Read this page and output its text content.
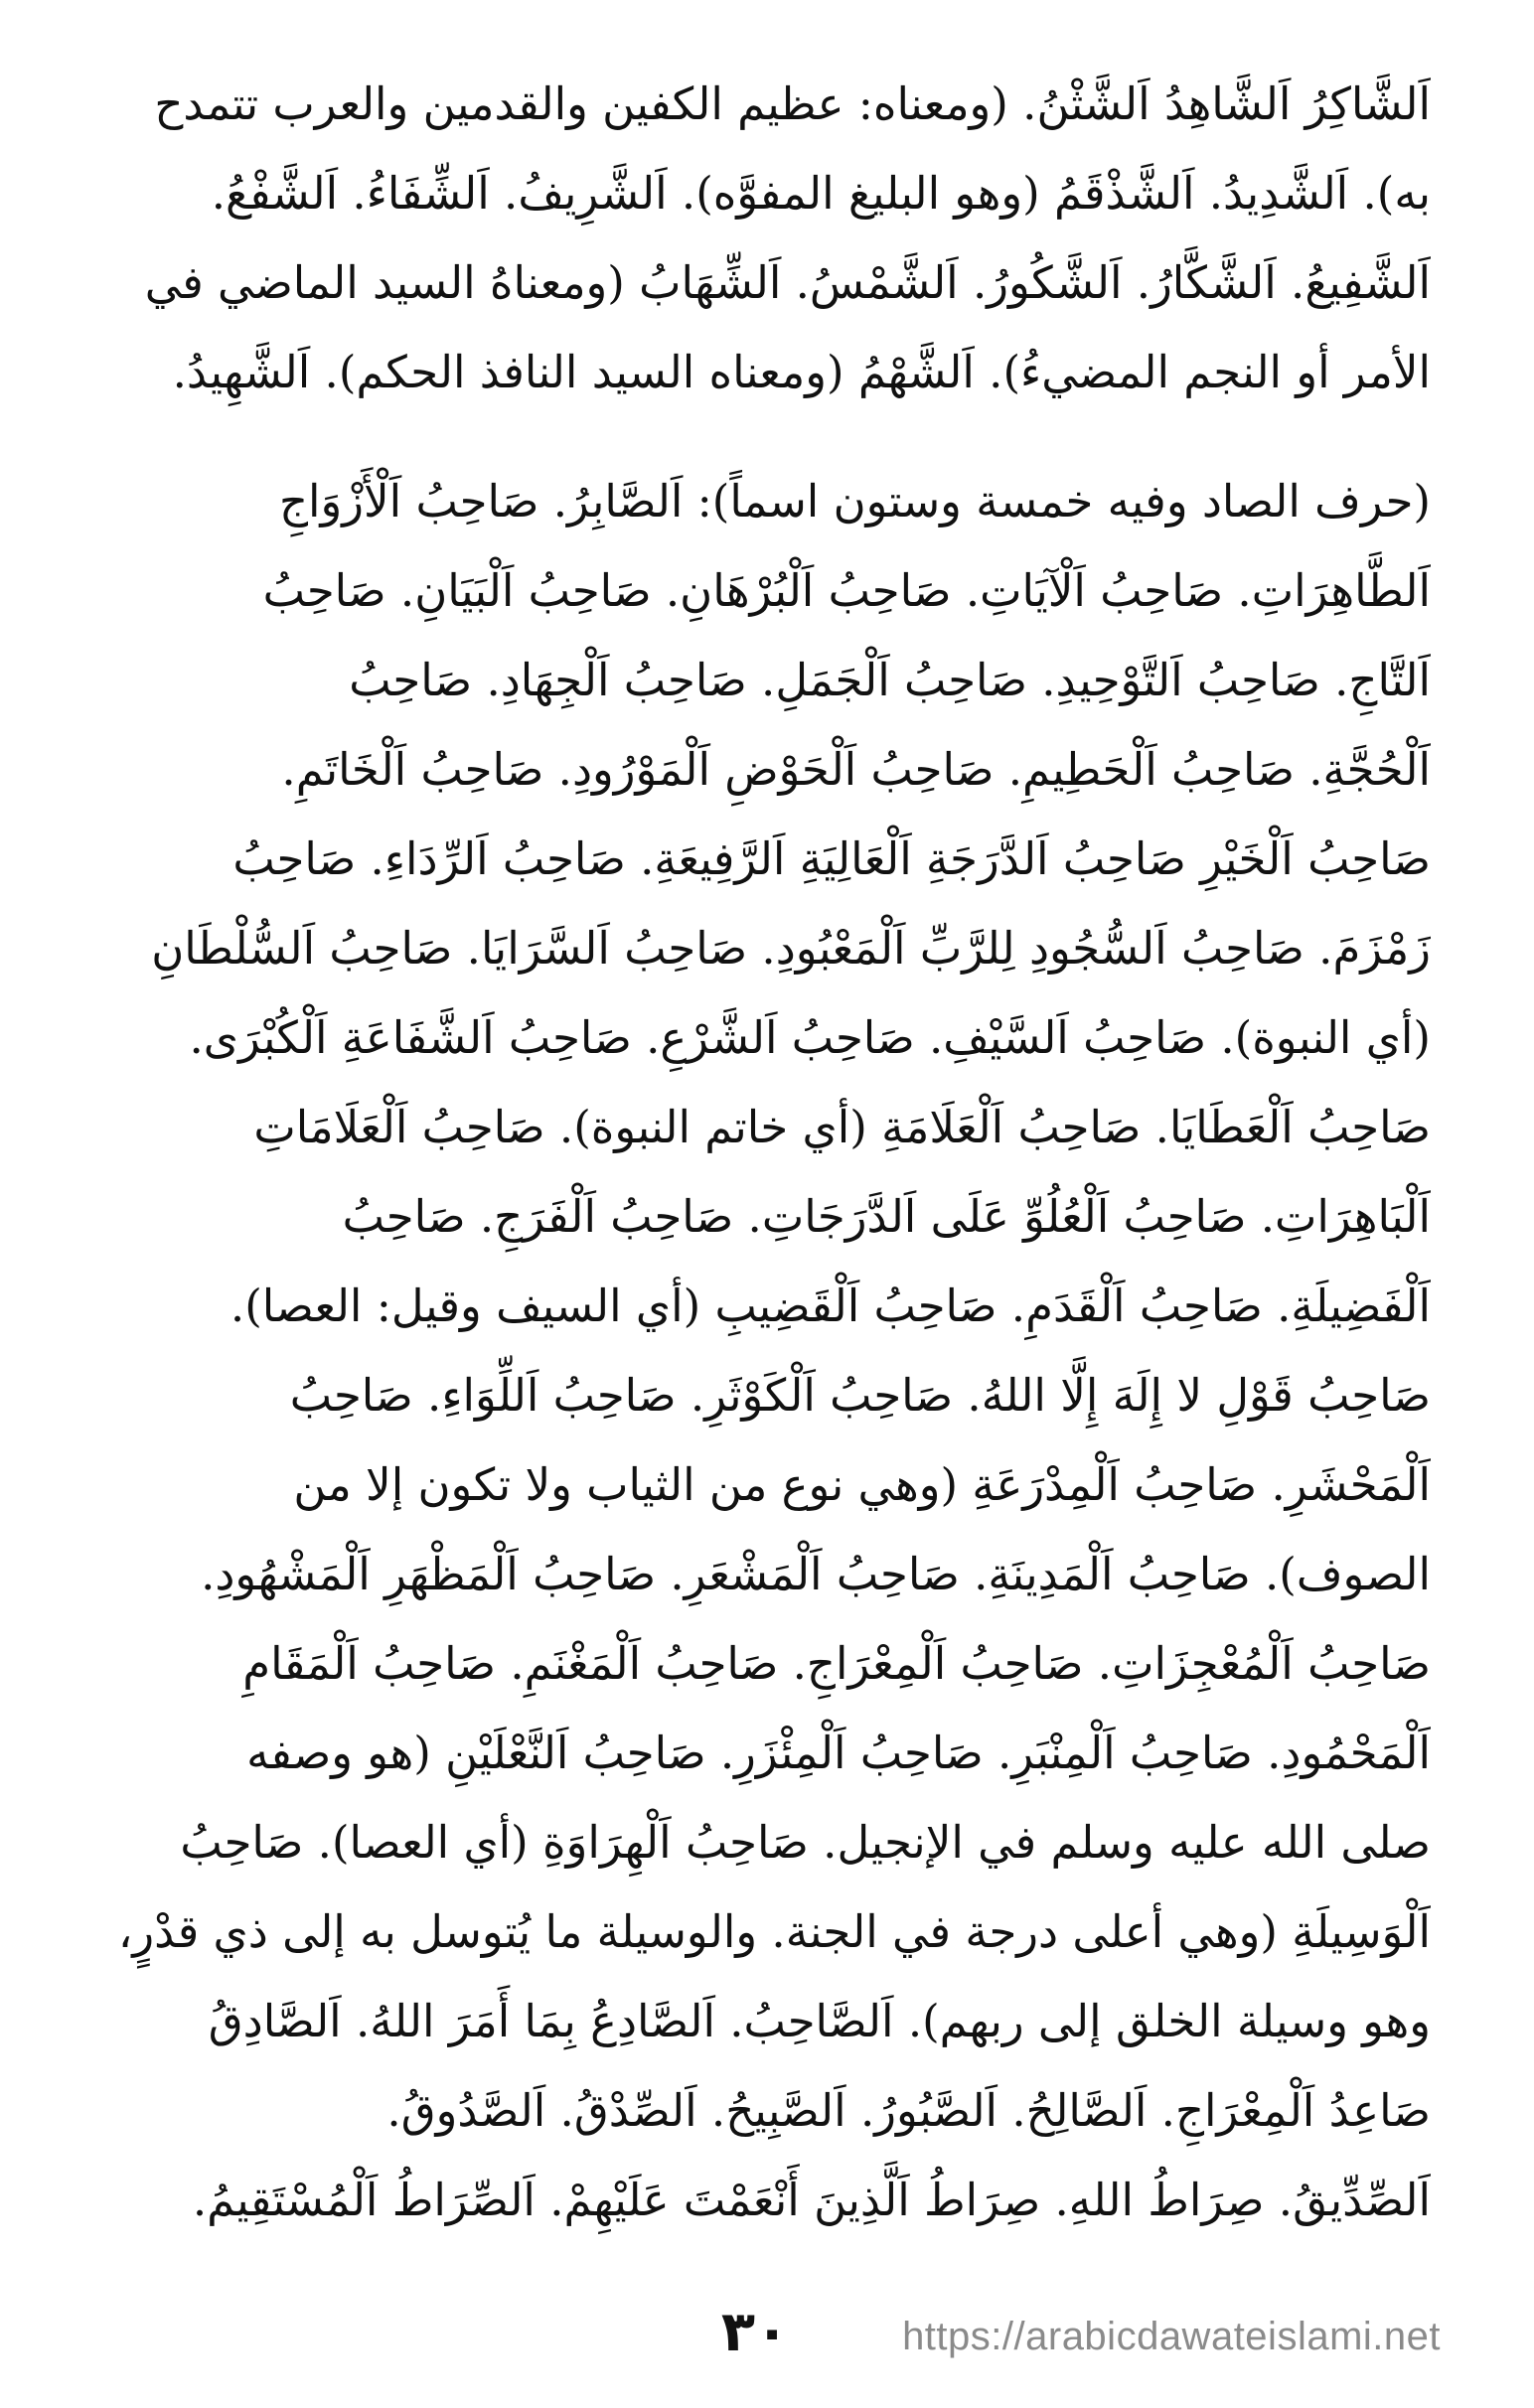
اَلشَّاكِرُ اَلشَّاهِدُ اَلشَّثْنُ. (ومعناه: عظيم الكفين والقدمين والعرب تتمدح
به). اَلشَّدِيدُ. اَلشَّذْقَمُ (وهو البليغ المفوَّه). اَلشَّرِيفُ. اَلشِّفَاءُ. اَلشَّفْعُ.
اَلشَّفِيعُ. اَلشَّكَّارُ. اَلشَّكُورُ. اَلشَّمْسُ. اَلشِّهَابُ (ومعناهُ السيد الماضي في
الأمر أو النجم المضيءُ). اَلشَّهْمُ (ومعناه السيد النافذ الحكم). اَلشَّهِيدُ.
(حرف الصاد وفيه خمسة وستون اسماً): اَلصَّابِرُ. صَاحِبُ اَلْأَزْوَاجِ
اَلطَّاهِرَاتِ. صَاحِبُ اَلْآيَاتِ. صَاحِبُ اَلْبُرْهَانِ. صَاحِبُ اَلْبَيَانِ. صَاحِبُ
اَلتَّاجِ. صَاحِبُ اَلتَّوْحِيدِ. صَاحِبُ اَلْجَمَلِ. صَاحِبُ اَلْجِهَادِ. صَاحِبُ
اَلْحُجَّةِ. صَاحِبُ اَلْحَطِيمِ. صَاحِبُ اَلْحَوْضِ اَلْمَوْرُودِ. صَاحِبُ اَلْخَاتَمِ.
صَاحِبُ اَلْخَيْرِ صَاحِبُ اَلدَّرَجَةِ اَلْعَالِيَةِ اَلرَّفِيعَةِ. صَاحِبُ اَلرِّدَاءِ. صَاحِبُ
زَمْزَمَ. صَاحِبُ اَلسُّجُودِ لِلرَّبِّ اَلْمَعْبُودِ. صَاحِبُ اَلسَّرَايَا. صَاحِبُ اَلسُّلْطَانِ
(أي النبوة). صَاحِبُ اَلسَّيْفِ. صَاحِبُ اَلشَّرْعِ. صَاحِبُ اَلشَّفَاعَةِ اَلْكُبْرَى.
صَاحِبُ اَلْعَطَايَا. صَاحِبُ اَلْعَلَامَةِ (أي خاتم النبوة). صَاحِبُ اَلْعَلَامَاتِ
اَلْبَاهِرَاتِ. صَاحِبُ اَلْعُلُوِّ عَلَى اَلدَّرَجَاتِ. صَاحِبُ اَلْفَرَجِ. صَاحِبُ
اَلْفَضِيلَةِ. صَاحِبُ اَلْقَدَمِ. صَاحِبُ اَلْقَضِيبِ (أي السيف وقيل: العصا).
صَاحِبُ قَوْلِ لا إِلَهَ إِلَّا اللهُ. صَاحِبُ اَلْكَوْثَرِ. صَاحِبُ اَللِّوَاءِ. صَاحِبُ
اَلْمَحْشَرِ. صَاحِبُ اَلْمِدْرَعَةِ (وهي نوع من الثياب ولا تكون إلا من
الصوف). صَاحِبُ اَلْمَدِينَةِ. صَاحِبُ اَلْمَشْعَرِ. صَاحِبُ اَلْمَظْهَرِ اَلْمَشْهُودِ.
صَاحِبُ اَلْمُعْجِزَاتِ. صَاحِبُ اَلْمِعْرَاجِ. صَاحِبُ اَلْمَغْنَمِ. صَاحِبُ اَلْمَقَامِ
اَلْمَحْمُودِ. صَاحِبُ اَلْمِنْبَرِ. صَاحِبُ اَلْمِئْزَرِ. صَاحِبُ اَلنَّعْلَيْنِ (هو وصفه
صلى الله عليه وسلم في الإنجيل. صَاحِبُ اَلْهِرَاوَةِ (أي العصا). صَاحِبُ
اَلْوَسِيلَةِ (وهي أعلى درجة في الجنة. والوسيلة ما يُتوسل به إلى ذي قدْرٍ،
وهو وسيلة الخلق إلى ربهم). اَلصَّاحِبُ. اَلصَّادِعُ بِمَا أَمَرَ اللهُ. اَلصَّادِقُ
صَاعِدُ اَلْمِعْرَاجِ. اَلصَّالِحُ. اَلصَّبُورُ. اَلصَّبِيحُ. اَلصِّدْقُ. اَلصَّدُوقُ.
اَلصِّدِّيقُ. صِرَاطُ اللهِ. صِرَاطُ اَلَّذِينَ أَنْعَمْتَ عَلَيْهِمْ. اَلصِّرَاطُ اَلْمُسْتَقِيمُ.
٣٠	https://arabicdawateislami.net
